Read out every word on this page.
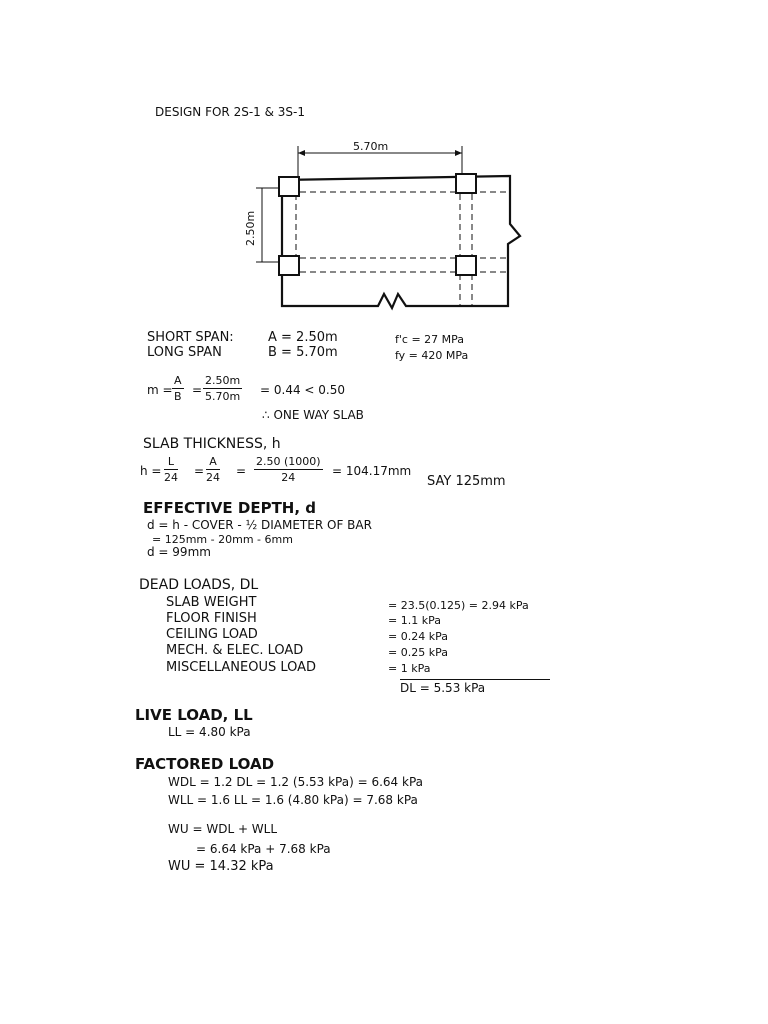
DESIGN FOR 2S-1 & 3S-1
5.70m
2.50m
SHORT SPAN:	A = 2.50m
LONG SPAN	B = 5.70m
f'c = 27 MPa
fy = 420 MPa
$m = \frac{A}{B} = \frac{2.50m}{5.70m} = 0.44 < 0.50$
∴ ONE WAY SLAB
SLAB THICKNESS, h
$h = \frac{L}{24} = \frac{A}{24} = \frac{2.50 (1000)}{24} = 104.17mm$
SAY 125mm
EFFECTIVE DEPTH, d
d = h - COVER - ½ DIAMETER OF BAR
= 125mm - 20mm - 6mm
d = 99mm
DEAD LOADS, DL
SLAB WEIGHT	= 23.5(0.125) = 2.94 kPa
FLOOR FINISH	= 1.1 kPa
CEILING LOAD	= 0.24 kPa
MECH. & ELEC. LOAD	= 0.25 kPa
MISCELLANEOUS LOAD	= 1 kPa
DL = 5.53 kPa
LIVE LOAD, LL
LL = 4.80 kPa
FACTORED LOAD
WDL = 1.2 DL = 1.2 (5.53 kPa) = 6.64 kPa
WLL = 1.6 LL = 1.6 (4.80 kPa) = 7.68 kPa
WU = WDL + WLL
= 6.64 kPa + 7.68 kPa
WU = 14.32 kPa
